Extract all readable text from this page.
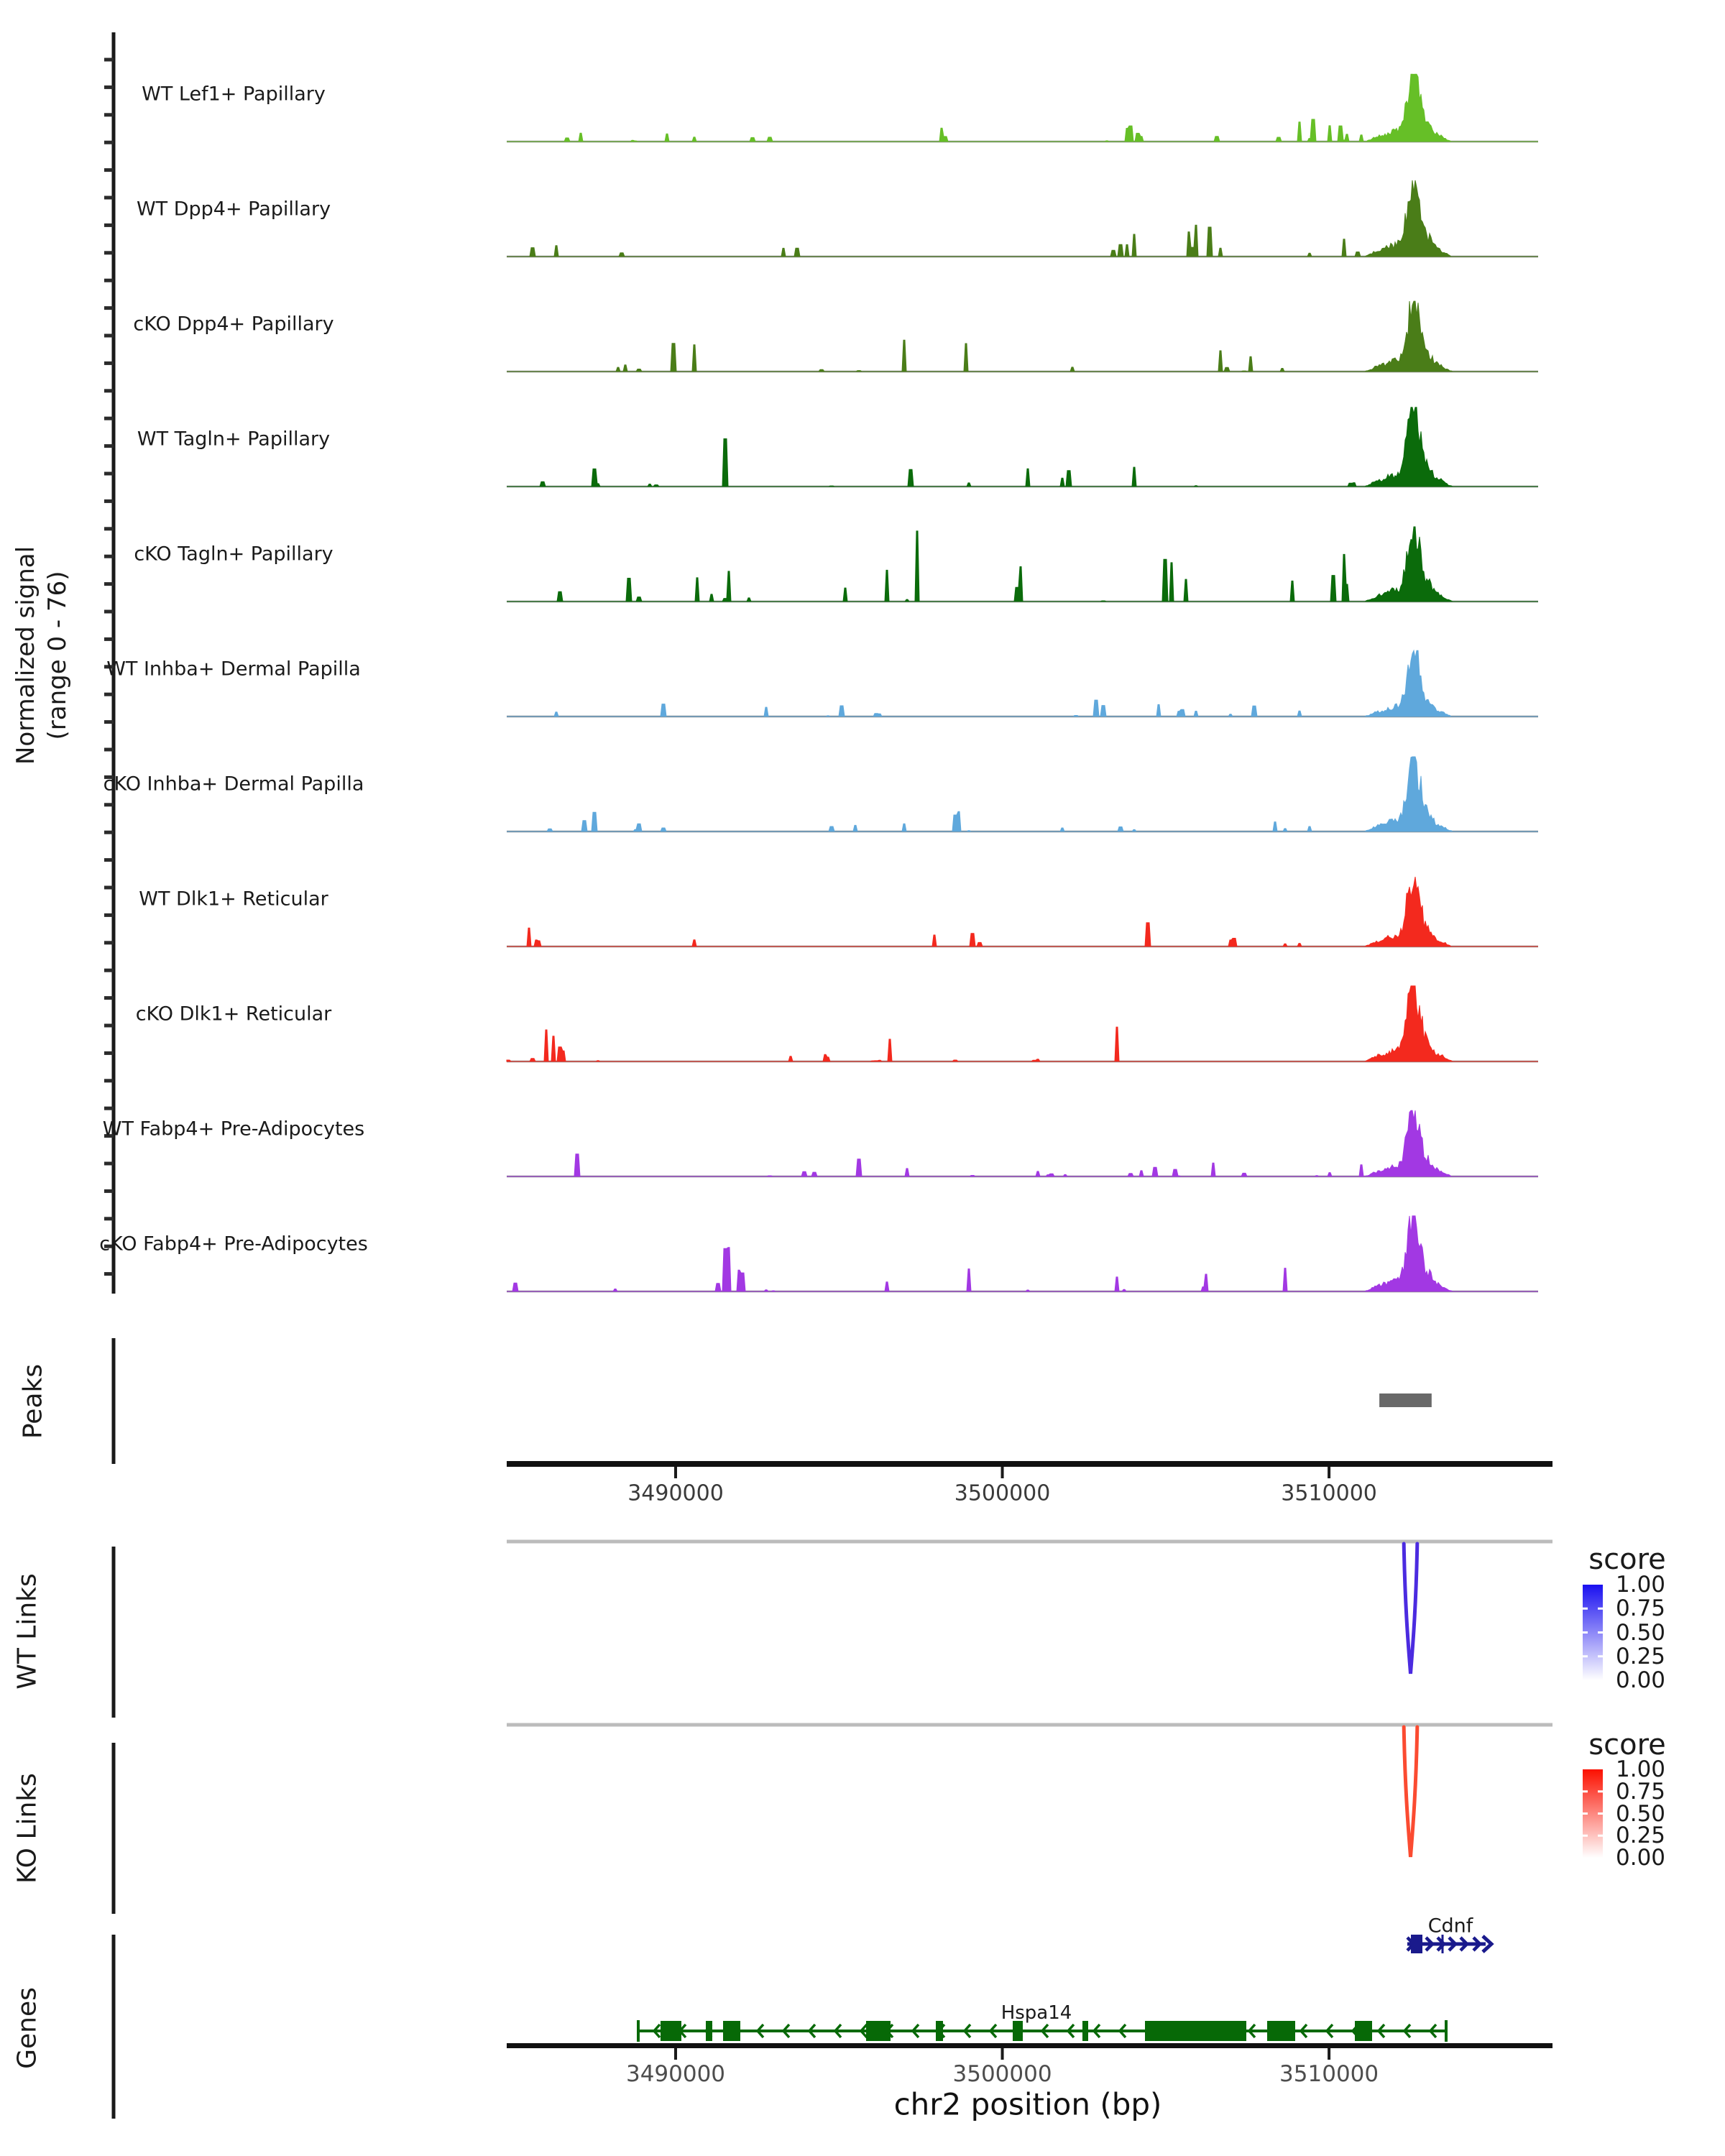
Normalized signal (range 0 - 76)
Peaks
WT Links
KO Links
Genes
score
score
Cdnf
Hspa14
chr2 position (bp)
WT Lef1+ Papillary
WT Dpp4+ Papillary
cKO Dpp4+ Papillary
WT Tagln+ Papillary
cKO Tagln+ Papillary
WT Inhba+ Dermal Papilla
cKO Inhba+ Dermal Papilla
WT Dlk1+ Reticular
cKO Dlk1+ Reticular
WT Fabp4+ Pre-Adipocytes
cKO Fabp4+ Pre-Adipocytes
3490000	3500000	3510000
1.00
0.75
0.50
0.25
0.00
1.00
0.75
0.50
0.25
0.00
3490000	3500000	3510000
